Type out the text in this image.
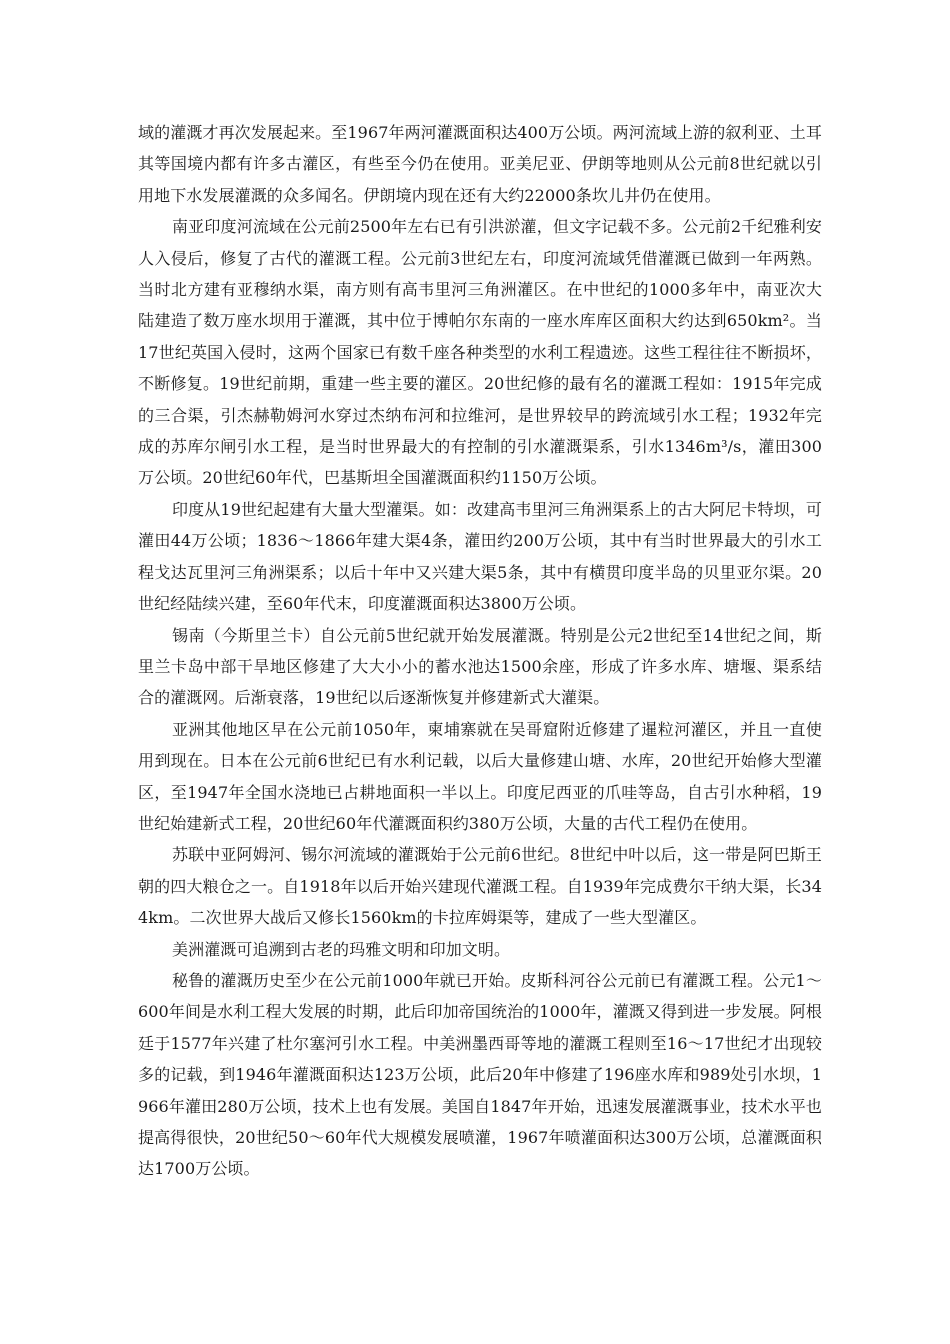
域的灌溉才再次发展起来。至1967年两河灌溉面积达400万公顷。两河流域上游的叙利亚、土耳其等国境内都有许多古灌区，有些至今仍在使用。亚美尼亚、伊朗等地则从公元前8世纪就以引用地下水发展灌溉的众多闻名。伊朗境内现在还有大约22000条坎儿井仍在使用。

南亚印度河流域在公元前2500年左右已有引洪淤灌，但文字记载不多。公元前2千纪雅利安人入侵后，修复了古代的灌溉工程。公元前3世纪左右，印度河流域凭借灌溉已做到一年两熟。当时北方建有亚穆纳水渠，南方则有高韦里河三角洲灌区。在中世纪的1000多年中，南亚次大陆建造了数万座水坝用于灌溉，其中位于博帕尔东南的一座水库库区面积大约达到650km²。当17世纪英国入侵时，这两个国家已有数千座各种类型的水利工程遗迹。这些工程往往不断损坏，不断修复。19世纪前期，重建一些主要的灌区。20世纪修的最有名的灌溉工程如：1915年完成的三合渠，引杰赫勒姆河水穿过杰纳布河和拉维河，是世界较早的跨流域引水工程；1932年完成的苏库尔闸引水工程，是当时世界最大的有控制的引水灌溉渠系，引水1346m³/s，灌田300万公顷。20世纪60年代，巴基斯坦全国灌溉面积约1150万公顷。

印度从19世纪起建有大量大型灌渠。如：改建高韦里河三角洲渠系上的古大阿尼卡特坝，可灌田44万公顷；1836～1866年建大渠4条，灌田约200万公顷，其中有当时世界最大的引水工程戈达瓦里河三角洲渠系；以后十年中又兴建大渠5条，其中有横贯印度半岛的贝里亚尔渠。20世纪经陆续兴建，至60年代末，印度灌溉面积达3800万公顷。

锡南（今斯里兰卡）自公元前5世纪就开始发展灌溉。特别是公元2世纪至14世纪之间，斯里兰卡岛中部干旱地区修建了大大小小的蓄水池达1500余座，形成了许多水库、塘堰、渠系结合的灌溉网。后渐衰落，19世纪以后逐渐恢复并修建新式大灌渠。

亚洲其他地区早在公元前1050年，柬埔寨就在吴哥窟附近修建了暹粒河灌区，并且一直使用到现在。日本在公元前6世纪已有水利记载，以后大量修建山塘、水库，20世纪开始修大型灌区，至1947年全国水浇地已占耕地面积一半以上。印度尼西亚的爪哇等岛，自古引水种稻，19世纪始建新式工程，20世纪60年代灌溉面积约380万公顷，大量的古代工程仍在使用。

苏联中亚阿姆河、锡尔河流域的灌溉始于公元前6世纪。8世纪中叶以后，这一带是阿巴斯王朝的四大粮仓之一。自1918年以后开始兴建现代灌溉工程。自1939年完成费尔干纳大渠，长344km。二次世界大战后又修长1560km的卡拉库姆渠等，建成了一些大型灌区。

美洲灌溉可追溯到古老的玛雅文明和印加文明。

秘鲁的灌溉历史至少在公元前1000年就已开始。皮斯科河谷公元前已有灌溉工程。公元1～600年间是水利工程大发展的时期，此后印加帝国统治的1000年，灌溉又得到进一步发展。阿根廷于1577年兴建了杜尔塞河引水工程。中美洲墨西哥等地的灌溉工程则至16～17世纪才出现较多的记载，到1946年灌溉面积达123万公顷，此后20年中修建了196座水库和989处引水坝，1966年灌田280万公顷，技术上也有发展。美国自1847年开始，迅速发展灌溉事业，技术水平也提高得很快，20世纪50～60年代大规模发展喷灌，1967年喷灌面积达300万公顷，总灌溉面积达1700万公顷。
